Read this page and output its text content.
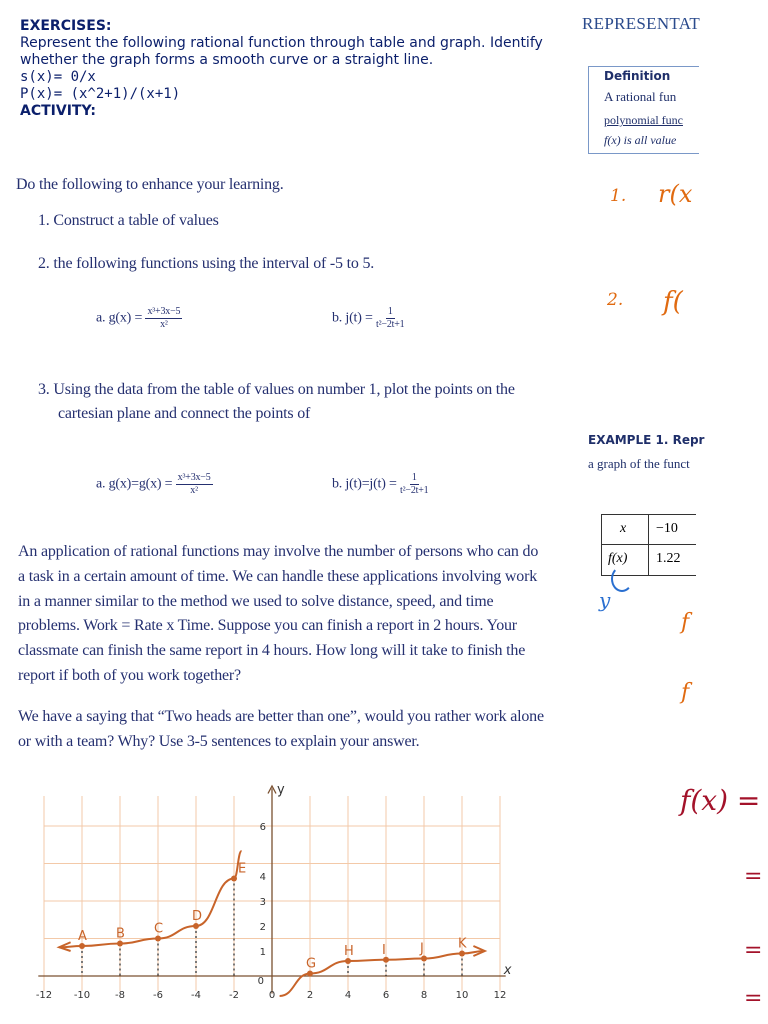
EXERCISES:
Represent the following rational function through table and graph. Identify whether the graph forms a smooth curve or a straight line.
s(x)= 0/x
P(x)= (x^2+1)/(x+1)
ACTIVITY:
Do the following to enhance your learning.
1. Construct a table of values
2. the following functions using the interval of -5 to 5.
a. $g(x) = \frac{\text{x³+3x−5}}{\text{x²}}$	b. $j(t) = \frac{1}{\text{t²−2t+1}}$
3. Using the data from the table of values on number 1, plot the points on the
cartesian plane and connect the points of
a. $g(x)=g(x) = \frac{\text{x³+3x−5}}{\text{x²}}$	b. $j(t)=j(t) = \frac{1}{\text{t²−2t+1}}$
An application of rational functions may involve the number of persons who can do
a task in a certain amount of time. We can handle these applications involving work
in a manner similar to the method we used to solve distance, speed, and time
problems. Work = Rate x Time. Suppose you can finish a report in 2 hours. Your
classmate can finish the same report in 4 hours. How long will it take to finish the
report if both of you work together?
We have a saying that “Two heads are better than one”, would you rather work alone
or with a team? Why? Use 3-5 sentences to explain your answer.
y
x
A B C
D
E
G
H I	J	K
-12 -10 -8	-6	-4	-2	0	2	4	6	8	10	12
0
1
2
3
4
6
REPRESENTAT
Definition
A rational fun
polynomial func
f(x) is all value
1. r(x
2. f(
EXAMPLE 1. Repr
a graph of the funct
x −10
f(x) 1.22
y
f
f
f(x) =
=
=
=
